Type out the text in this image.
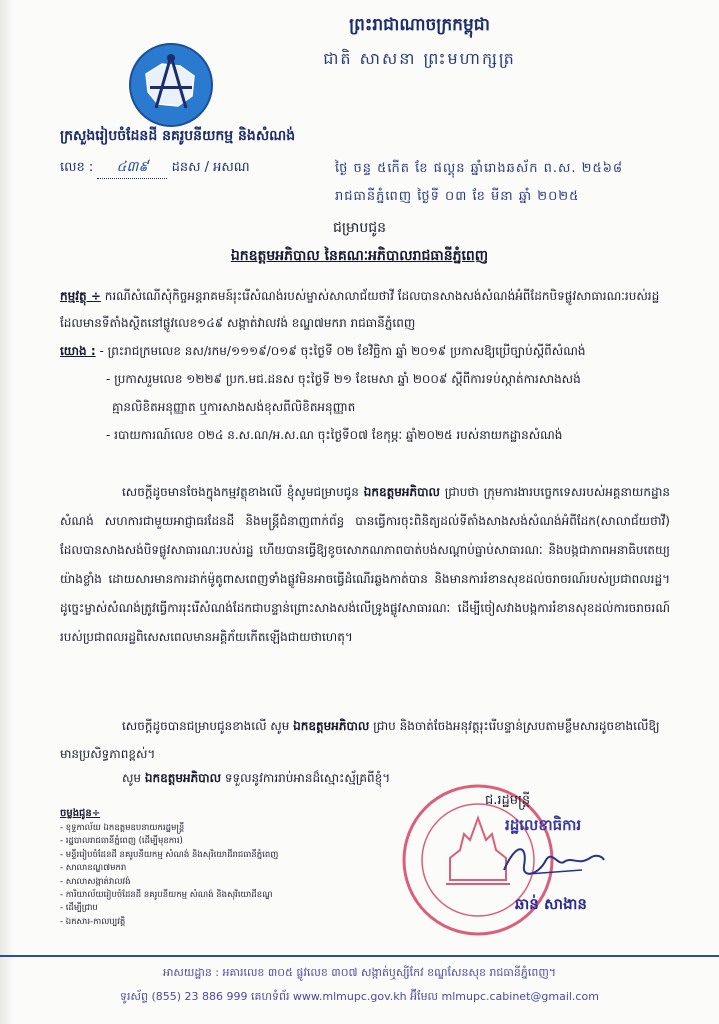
ព្រះរាជាណាចក្រកម្ពុជា
ជាតិ សាសនា ព្រះមហាក្សត្រ
ក្រសួងរៀបចំដែនដី នគរូបនីយកម្ម និងសំណង់
លេខ : ៤៣៩ ដនស / អសណ	ថ្ងៃ ចន្ទ ៥កើត ខែ ផល្គុន ឆ្នាំរោងឆស័ក ព.ស. ២៥៦៨
រាជធានីភ្នំពេញ ថ្ងៃទី ០៣ ខែ មីនា ឆ្នាំ ២០២៥
ជម្រាបជូន
ឯកឧត្តមអភិបាល នៃគណៈអភិបាលរាជធានីភ្នំពេញ
កម្មវត្ថុ ÷ ករណីសំណើសុំកិច្ចអន្តរាគមន៍រុះរើសំណង់របស់ម្ចាស់សាលាជ័យថាវី ដែលបានសាងសង់សំណង់អំពីដែកបិទផ្លូវសាធារណៈរបស់រដ្ឋ ដែលមានទីតាំងស្ថិតនៅផ្លូវលេខ១៤៩ សង្កាត់វាលវង់ ខណ្ឌ៧មករា រាជធានីភ្នំពេញ
យោង : - ព្រះរាជក្រមលេខ នស/រកម/១១១៩/០១៩ ចុះថ្ងៃទី ០២ ខែវិច្ឆិកា ឆ្នាំ ២០១៩ ប្រកាសឱ្យប្រើច្បាប់ស្តីពីសំណង់
- ប្រកាសរួមលេខ ១២២៩ ប្រក.មជ.ដនស ចុះថ្ងៃទី ២១ ខែមេសា ឆ្នាំ ២០០៩ ស្តីពីការទប់ស្កាត់ការសាងសង់
គ្មានលិខិតអនុញ្ញាត ឬការសាងសង់ខុសពីលិខិតអនុញ្ញាត
- របាយការណ៍លេខ ០២៤ ន.ស.ណ/អ.ស.ណ ចុះថ្ងៃទី០៧ ខែកុម្ភៈ ឆ្នាំ២០២៥ របស់នាយកដ្ឋានសំណង់
សេចក្តីដូចមានចែងក្នុងកម្មវត្ថុខាងលើ ខ្ញុំសូមជម្រាបជូន ឯកឧត្តមអភិបាល ជ្រាបថា ក្រុមការងារបច្ចេកទេសរបស់អគ្គនាយកដ្ឋានសំណង់ សហការជាមួយអាជ្ញាធរដែនដី និងមន្ត្រីជំនាញពាក់ព័ន្ធ បានធ្វើការចុះពិនិត្យដល់ទីតាំងសាងសង់សំណង់អំពីដែក(សាលាជ័យថាវី) ដែលបានសាងសង់បិទផ្លូវសាធារណៈរបស់រដ្ឋ ហើយបានធ្វើឱ្យខូចសោភណភាពបាត់បង់សណ្តាប់ធ្នាប់សាធារណៈ និងបង្កជាភាពអនាធិបតេយ្យយ៉ាងខ្លាំង ដោយសារមានការដាក់ម៉ូតូពាសពេញទាំងផ្លូវមិនអាចធ្វើដំណើរឆ្លងកាត់បាន និងមានការរំខានសុខដល់ចរាចរណ៍របស់ប្រជាពលរដ្ឋ។ ដូច្នេះម្ចាស់សំណង់ត្រូវធ្វើការរុះរើសំណង់ដែកជាបន្ទាន់ព្រោះសាងសង់លើទ្រូងផ្លូវសាធារណៈ ដើម្បីចៀសវាងបង្កការរំខានសុខដល់ការចរាចរណ៍របស់ប្រជាពលរដ្ឋពិសេសពេលមានអគ្គិភ័យកើតឡើងជាយថាហេតុ។
សេចក្តីដូចបានជម្រាបជូនខាងលើ សូម ឯកឧត្តមអភិបាល ជ្រាប និងចាត់ចែងអនុវត្តរុះរើបន្ទាន់ស្របតាមខ្លឹមសារដូចខាងលើឱ្យមានប្រសិទ្ធភាពខ្ពស់។
សូម ឯកឧត្តមអភិបាល ទទួលនូវការរាប់អានដ៏ស្មោះស្ម័គ្រពីខ្ញុំ។
ជ.រដ្ឋមន្ត្រី
រដ្ឋលេខាធិការ
ឆាន់ សាងាន
ចម្លងជូន÷
- ខុទ្ទកាល័យ ឯកឧត្តមឧបនាយករដ្ឋមន្ត្រី
- រដ្ឋបាលរាជធានីភ្នំពេញ (ដើម្បីមុខការ)
- មន្ទីររៀបចំដែនដី នគរូបនីយកម្ម សំណង់ និងសុរិយោដីរាជធានីភ្នំពេញ
- សាលាខណ្ឌ៧មករា
- សាលាសង្កាត់វាលវង់
- ការិយាល័យរៀបចំដែនដី នគរូបនីយកម្ម សំណង់ និងសុរិយោដីខណ្ឌ
- ដើម្បីជ្រាប
- ឯកសារ-កាលប្បវត្តិ
អាសយដ្ឋាន : អគារលេខ ៣០៥ ផ្លូវលេខ ៣០៧ សង្កាត់ឬស្សីកែវ ខណ្ឌសែនសុខ រាជធានីភ្នំពេញ។
ទូរស័ព្ទ (855) 23 886 999 គេហទំព័រ www.mlmupc.gov.kh អ៊ីមែល mlmupc.cabinet@gmail.com
